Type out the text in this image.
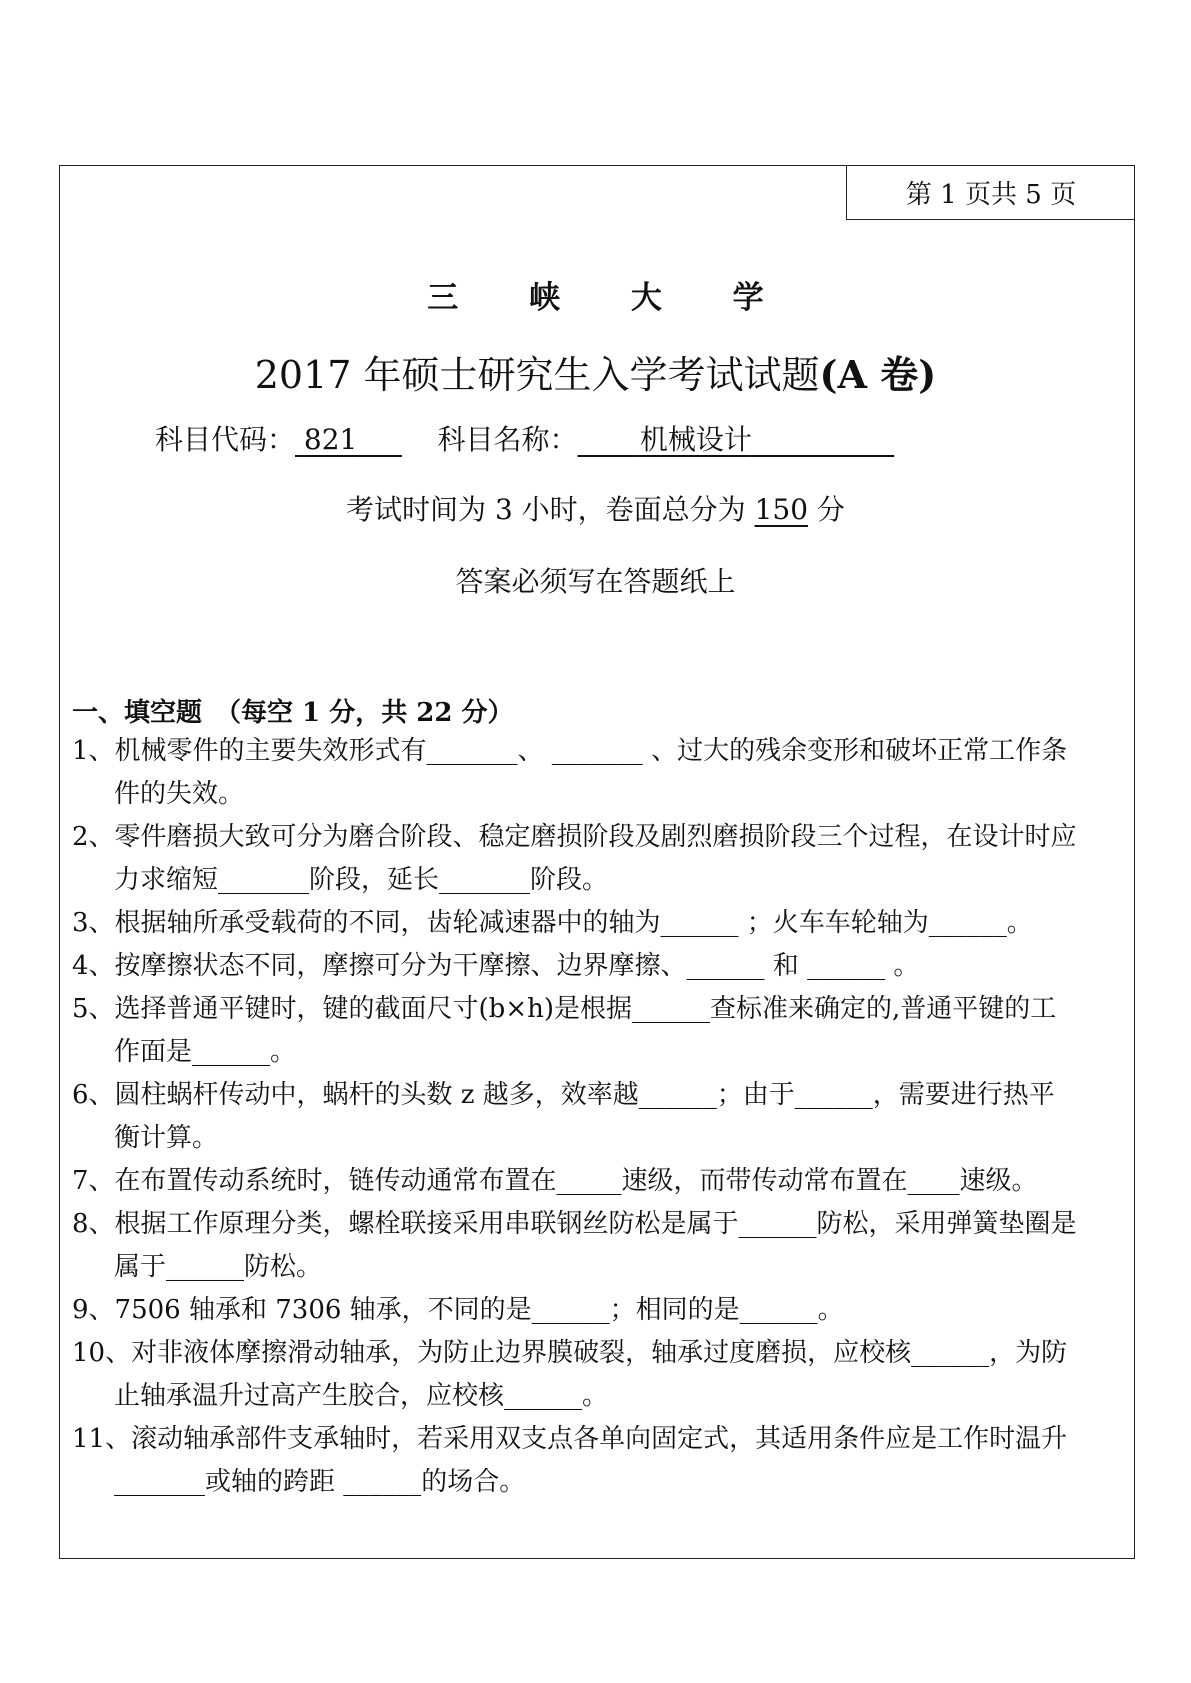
第 1 页共 5 页
三 峡 大 学
2017 年硕士研究生入学考试试题(A 卷)
科目代码： 821	科目名称： 机械设计
考试时间为 3 小时，卷面总分为 150 分
答案必须写在答题纸上
一、填空题　（每空 1 分，共 22 分）
1、机械零件的主要失效形式有_______、 _______ 、过大的残余变形和破坏正常工作条
件的失效。
2、零件磨损大致可分为磨合阶段、稳定磨损阶段及剧烈磨损阶段三个过程，在设计时应
力求缩短_______阶段，延长_______阶段。
3、根据轴所承受载荷的不同，齿轮减速器中的轴为______ ；火车车轮轴为______。
4、按摩擦状态不同，摩擦可分为干摩擦、边界摩擦、______ 和 ______ 。
5、选择普通平键时，键的截面尺寸(b×h)是根据______查标准来确定的,普通平键的工
作面是______。
6、圆柱蜗杆传动中，蜗杆的头数 z 越多，效率越______；由于______，需要进行热平
衡计算。
7、在布置传动系统时，链传动通常布置在_____速级，而带传动常布置在____速级。
8、根据工作原理分类，螺栓联接采用串联钢丝防松是属于______防松，采用弹簧垫圈是
属于______防松。
9、7506 轴承和 7306 轴承，不同的是______；相同的是______。
10、对非液体摩擦滑动轴承，为防止边界膜破裂，轴承过度磨损，应校核______，为防
止轴承温升过高产生胶合，应校核______。
11、滚动轴承部件支承轴时，若采用双支点各单向固定式，其适用条件应是工作时温升
_______或轴的跨距 ______的场合。
